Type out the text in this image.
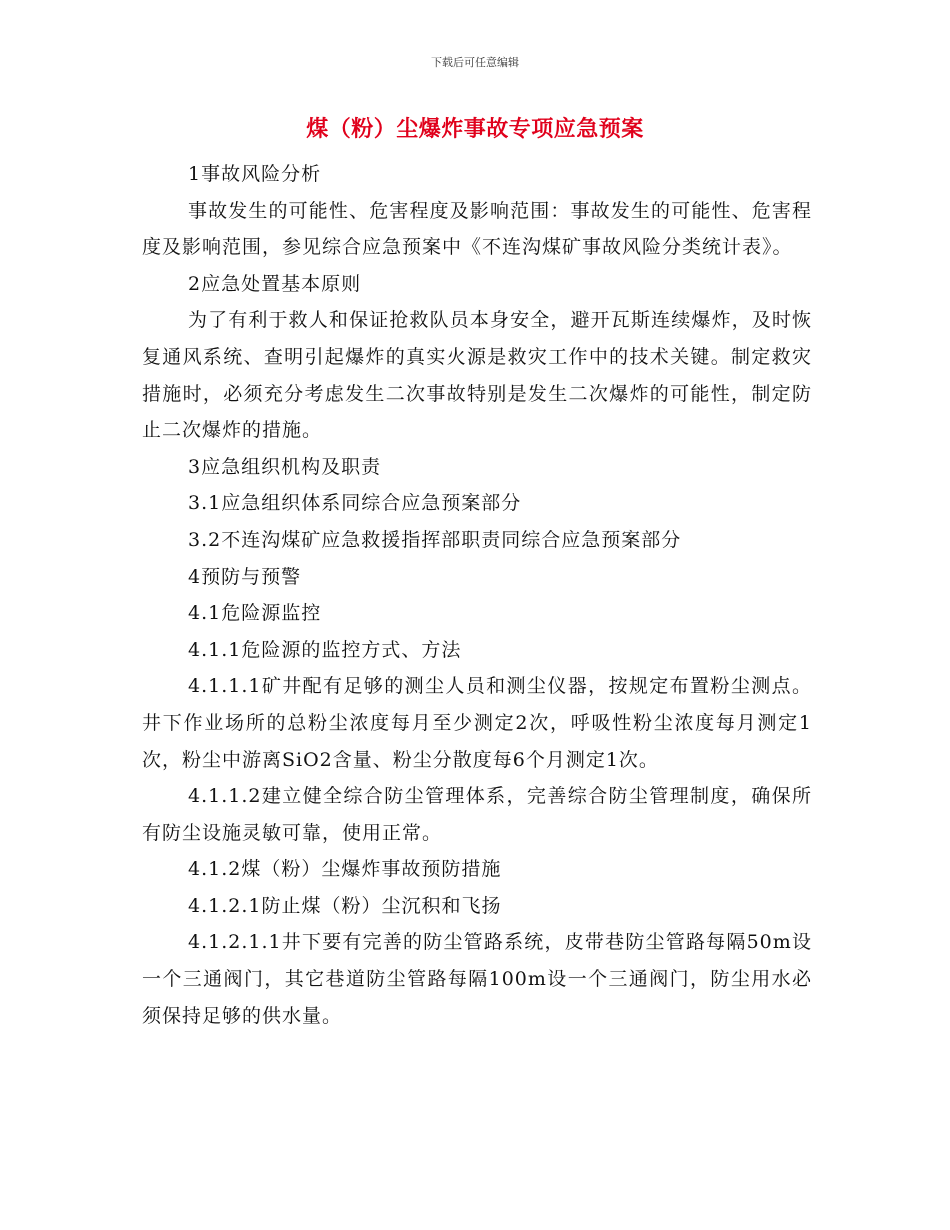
下载后可任意编辑
煤（粉）尘爆炸事故专项应急预案

1事故风险分析

事故发生的可能性、危害程度及影响范围：事故发生的可能性、危害程度及影响范围，参见综合应急预案中《不连沟煤矿事故风险分类统计表》。

2应急处置基本原则

为了有利于救人和保证抢救队员本身安全，避开瓦斯连续爆炸，及时恢复通风系统、查明引起爆炸的真实火源是救灾工作中的技术关键。制定救灾措施时，必须充分考虑发生二次事故特别是发生二次爆炸的可能性，制定防止二次爆炸的措施。

3应急组织机构及职责

3.1应急组织体系同综合应急预案部分

3.2不连沟煤矿应急救援指挥部职责同综合应急预案部分

4预防与预警

4.1危险源监控

4.1.1危险源的监控方式、方法

4.1.1.1矿井配有足够的测尘人员和测尘仪器，按规定布置粉尘测点。井下作业场所的总粉尘浓度每月至少测定2次，呼吸性粉尘浓度每月测定1次，粉尘中游离SiO2含量、粉尘分散度每6个月测定1次。

4.1.1.2建立健全综合防尘管理体系，完善综合防尘管理制度，确保所有防尘设施灵敏可靠，使用正常。

4.1.2煤（粉）尘爆炸事故预防措施

4.1.2.1防止煤（粉）尘沉积和飞扬

4.1.2.1.1井下要有完善的防尘管路系统，皮带巷防尘管路每隔50m设一个三通阀门，其它巷道防尘管路每隔100m设一个三通阀门，防尘用水必须保持足够的供水量。
